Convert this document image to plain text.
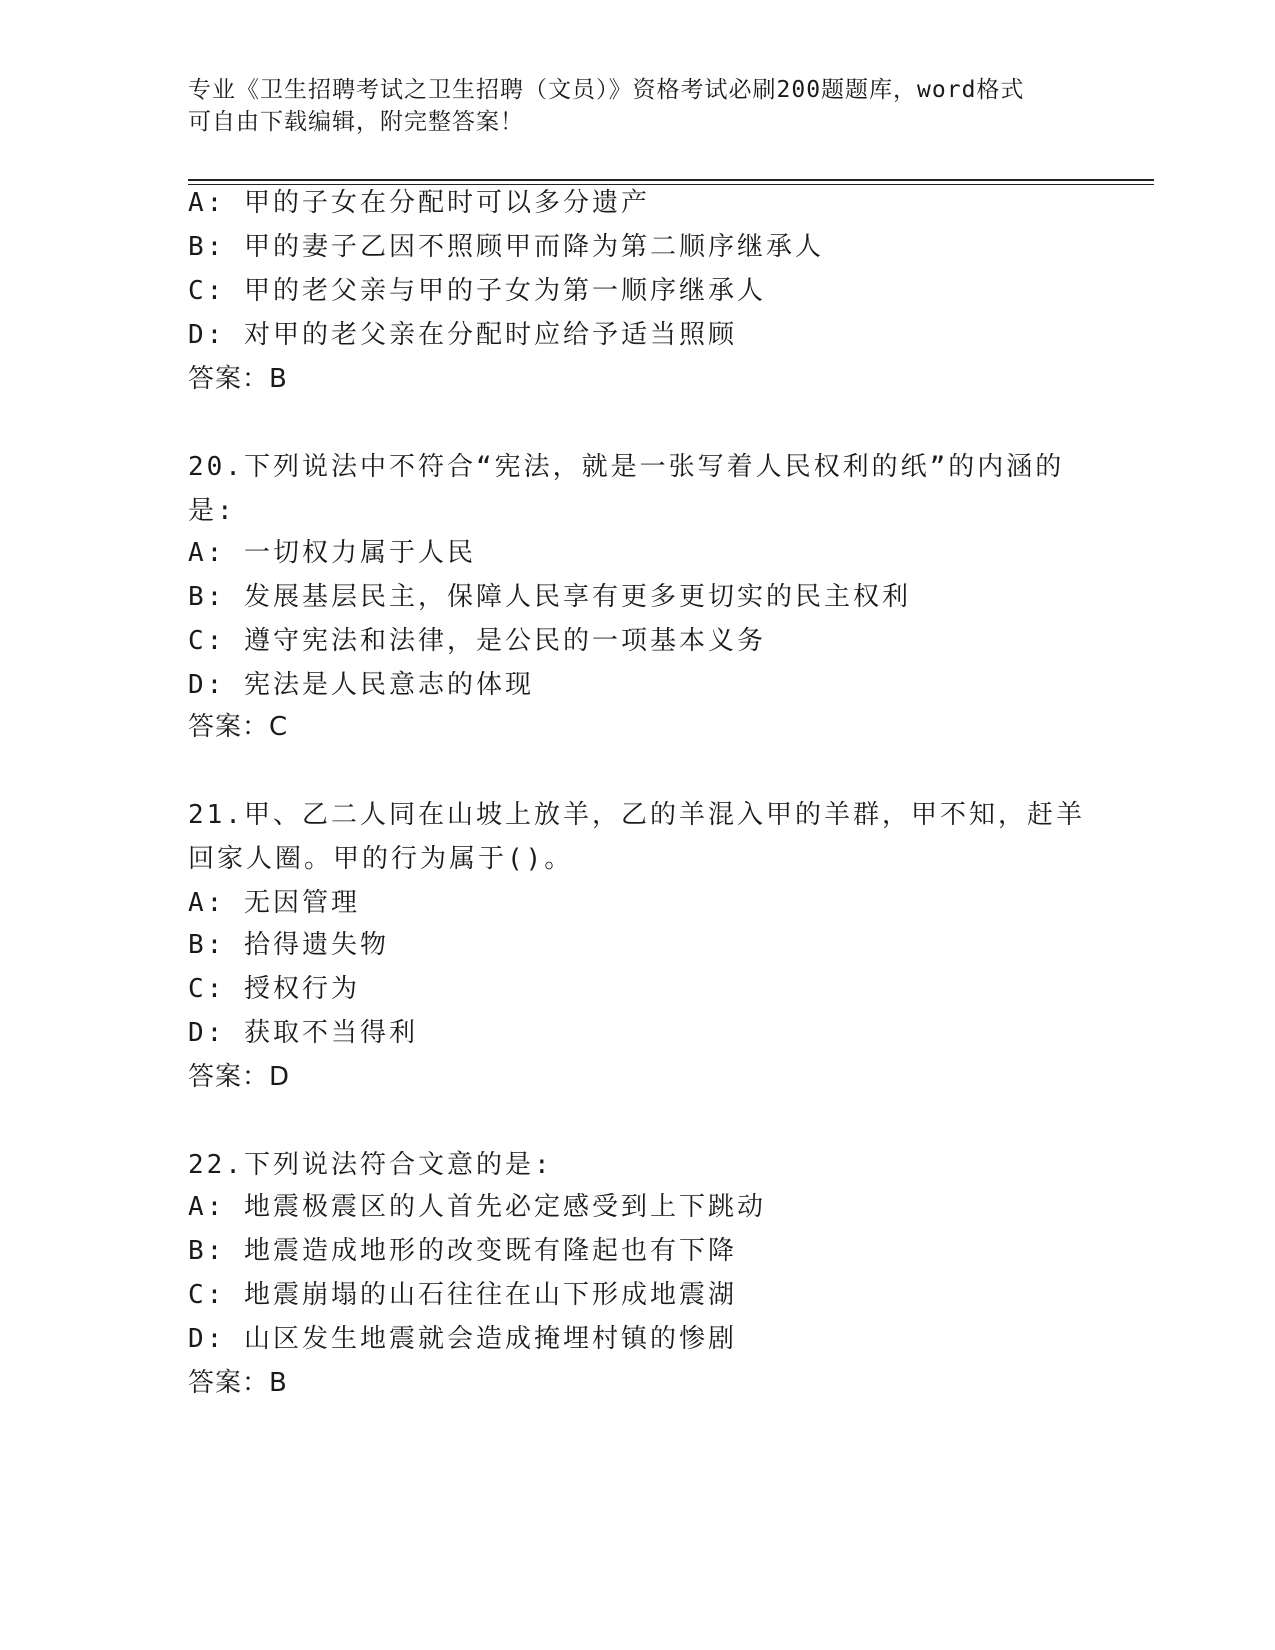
专业《卫生招聘考试之卫生招聘（文员）》资格考试必刷200题题库，word格式
可自由下载编辑，附完整答案！
A: 甲的子女在分配时可以多分遗产
B: 甲的妻子乙因不照顾甲而降为第二顺序继承人
C: 甲的老父亲与甲的子女为第一顺序继承人
D: 对甲的老父亲在分配时应给予适当照顾
答案：B
20.下列说法中不符合“宪法，就是一张写着人民权利的纸”的内涵的
是:
A: 一切权力属于人民
B: 发展基层民主，保障人民享有更多更切实的民主权利
C: 遵守宪法和法律，是公民的一项基本义务
D: 宪法是人民意志的体现
答案：C
21.甲、乙二人同在山坡上放羊，乙的羊混入甲的羊群，甲不知，赶羊
回家人圈。甲的行为属于()。
A: 无因管理
B: 拾得遗失物
C: 授权行为
D: 获取不当得利
答案：D
22.下列说法符合文意的是:
A: 地震极震区的人首先必定感受到上下跳动
B: 地震造成地形的改变既有隆起也有下降
C: 地震崩塌的山石往往在山下形成地震湖
D: 山区发生地震就会造成掩埋村镇的惨剧
答案：B
